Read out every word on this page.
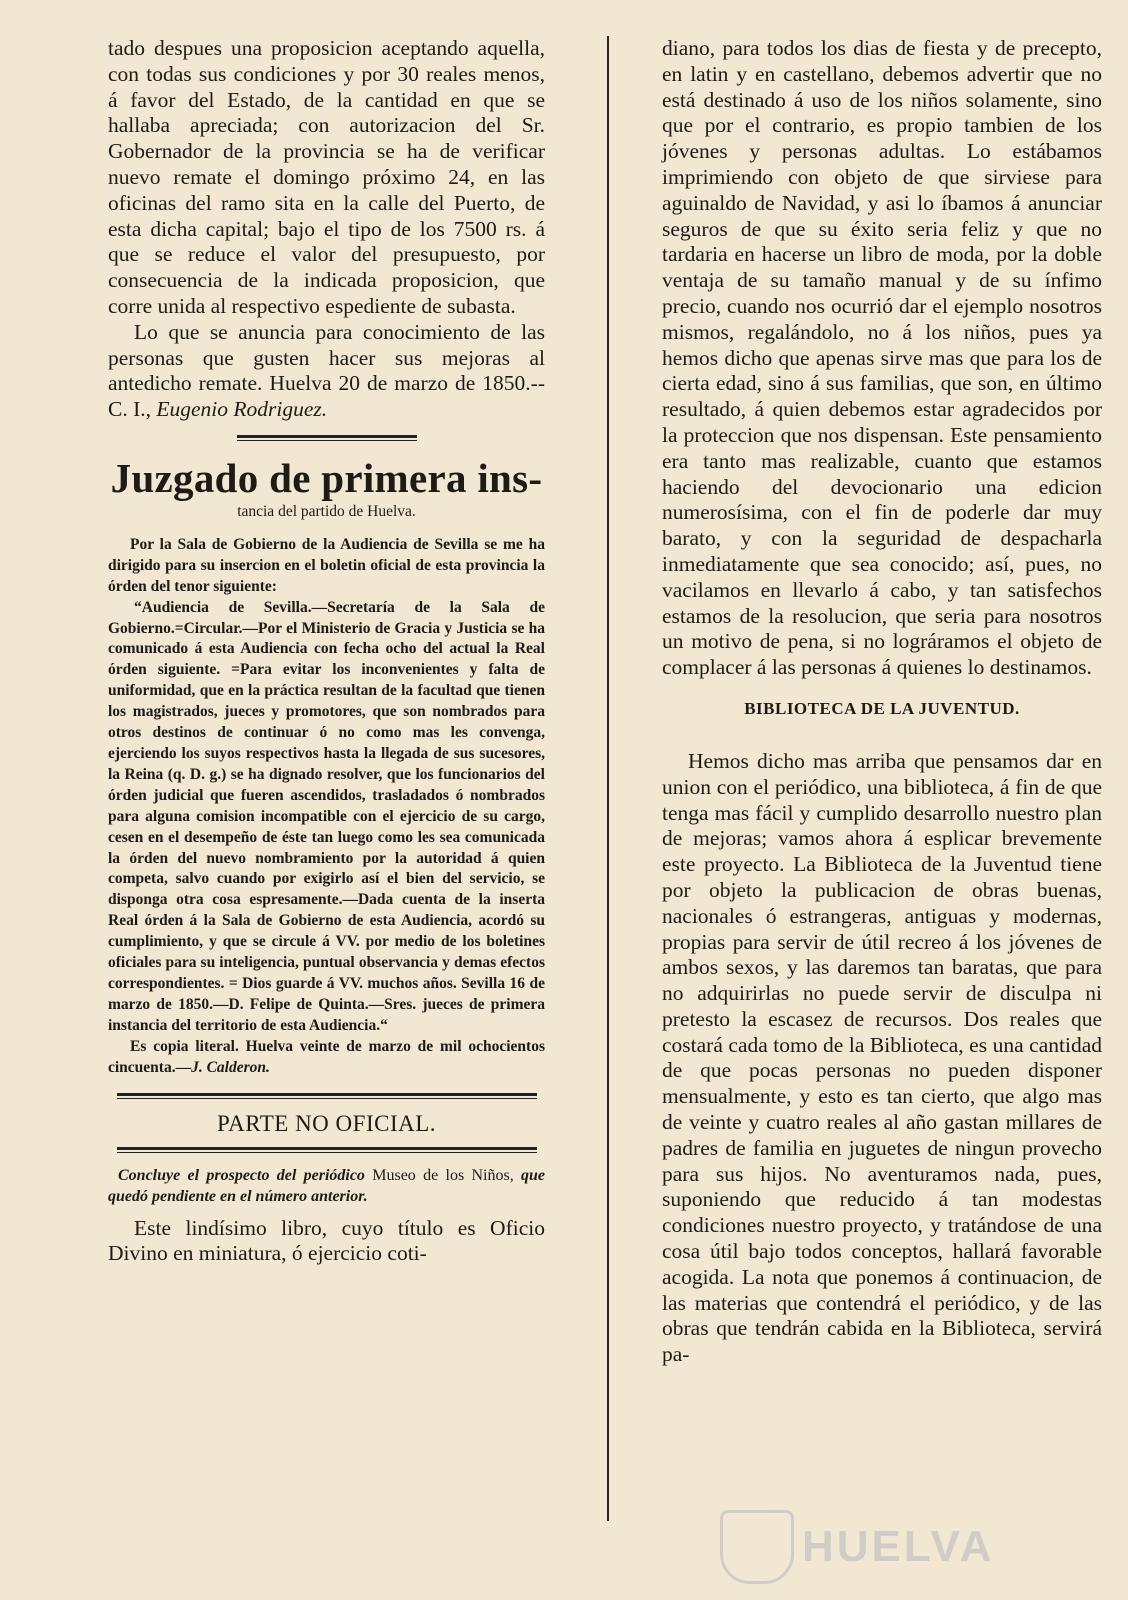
tado despues una proposicion aceptando aquella, con todas sus condiciones y por 30 reales menos, á favor del Estado, de la cantidad en que se hallaba apreciada; con autorizacion del Sr. Gobernador de la provincia se ha de verificar nuevo remate el domingo próximo 24, en las oficinas del ramo sita en la calle del Puerto, de esta dicha capital; bajo el tipo de los 7500 rs. á que se reduce el valor del presupuesto, por consecuencia de la indicada proposicion, que corre unida al respectivo espediente de subasta.

Lo que se anuncia para conocimiento de las personas que gusten hacer sus mejoras al antedicho remate. Huelva 20 de marzo de 1850.--C. I., Eugenio Rodriguez.

Juzgado de primera ins-
tancia del partido de Huelva.

Por la Sala de Gobierno de la Audiencia de Sevilla se me ha dirigido para su insercion en el boletin oficial de esta provincia la órden del tenor siguiente:

“Audiencia de Sevilla.—Secretaría de la Sala de Gobierno.=Circular.—Por el Ministerio de Gracia y Justicia se ha comunicado á esta Audiencia con fecha ocho del actual la Real órden siguiente. =Para evitar los inconvenientes y falta de uniformidad, que en la práctica resultan de la facultad que tienen los magistrados, jueces y promotores, que son nombrados para otros destinos de continuar ó no como mas les convenga, ejerciendo los suyos respectivos hasta la llegada de sus sucesores, la Reina (q. D. g.) se ha dignado resolver, que los funcionarios del órden judicial que fueren ascendidos, trasladados ó nombrados para alguna comision incompatible con el ejercicio de su cargo, cesen en el desempeño de éste tan luego como les sea comunicada la órden del nuevo nombramiento por la autoridad á quien competa, salvo cuando por exigirlo así el bien del servicio, se disponga otra cosa espresamente.—Dada cuenta de la inserta Real órden á la Sala de Gobierno de esta Audiencia, acordó su cumplimiento, y que se circule á VV. por medio de los boletines oficiales para su inteligencia, puntual observancia y demas efectos correspondientes. = Dios guarde á VV. muchos años. Sevilla 16 de marzo de 1850.—D. Felipe de Quinta.—Sres. jueces de primera instancia del territorio de esta Audiencia.“

Es copia literal. Huelva veinte de marzo de mil ochocientos cincuenta.—J. Calderon.

PARTE NO OFICIAL.

Concluye el prospecto del periódico Museo de los Niños, que quedó pendiente en el número anterior.

Este lindísimo libro, cuyo título es Oficio Divino en miniatura, ó ejercicio coti-

diano, para todos los dias de fiesta y de precepto, en latin y en castellano, debemos advertir que no está destinado á uso de los niños solamente, sino que por el contrario, es propio tambien de los jóvenes y personas adultas. Lo estábamos imprimiendo con objeto de que sirviese para aguinaldo de Navidad, y asi lo íbamos á anunciar seguros de que su éxito seria feliz y que no tardaria en hacerse un libro de moda, por la doble ventaja de su tamaño manual y de su ínfimo precio, cuando nos ocurrió dar el ejemplo nosotros mismos, regalándolo, no á los niños, pues ya hemos dicho que apenas sirve mas que para los de cierta edad, sino á sus familias, que son, en último resultado, á quien debemos estar agradecidos por la proteccion que nos dispensan. Este pensamiento era tanto mas realizable, cuanto que estamos haciendo del devocionario una edicion numerosísima, con el fin de poderle dar muy barato, y con la seguridad de despacharla inmediatamente que sea conocido; así, pues, no vacilamos en llevarlo á cabo, y tan satisfechos estamos de la resolucion, que seria para nosotros un motivo de pena, si no lográramos el objeto de complacer á las personas á quienes lo destinamos.

BIBLIOTECA DE LA JUVENTUD.

Hemos dicho mas arriba que pensamos dar en union con el periódico, una biblioteca, á fin de que tenga mas fácil y cumplido desarrollo nuestro plan de mejoras; vamos ahora á esplicar brevemente este proyecto. La Biblioteca de la Juventud tiene por objeto la publicacion de obras buenas, nacionales ó estrangeras, antiguas y modernas, propias para servir de útil recreo á los jóvenes de ambos sexos, y las daremos tan baratas, que para no adquirirlas no puede servir de disculpa ni pretesto la escasez de recursos. Dos reales que costará cada tomo de la Biblioteca, es una cantidad de que pocas personas no pueden disponer mensualmente, y esto es tan cierto, que algo mas de veinte y cuatro reales al año gastan millares de padres de familia en juguetes de ningun provecho para sus hijos. No aventuramos nada, pues, suponiendo que reducido á tan modestas condiciones nuestro proyecto, y tratándose de una cosa útil bajo todos conceptos, hallará favorable acogida. La nota que ponemos á continuacion, de las materias que contendrá el periódico, y de las obras que tendrán cabida en la Biblioteca, servirá pa-

HUELVA
